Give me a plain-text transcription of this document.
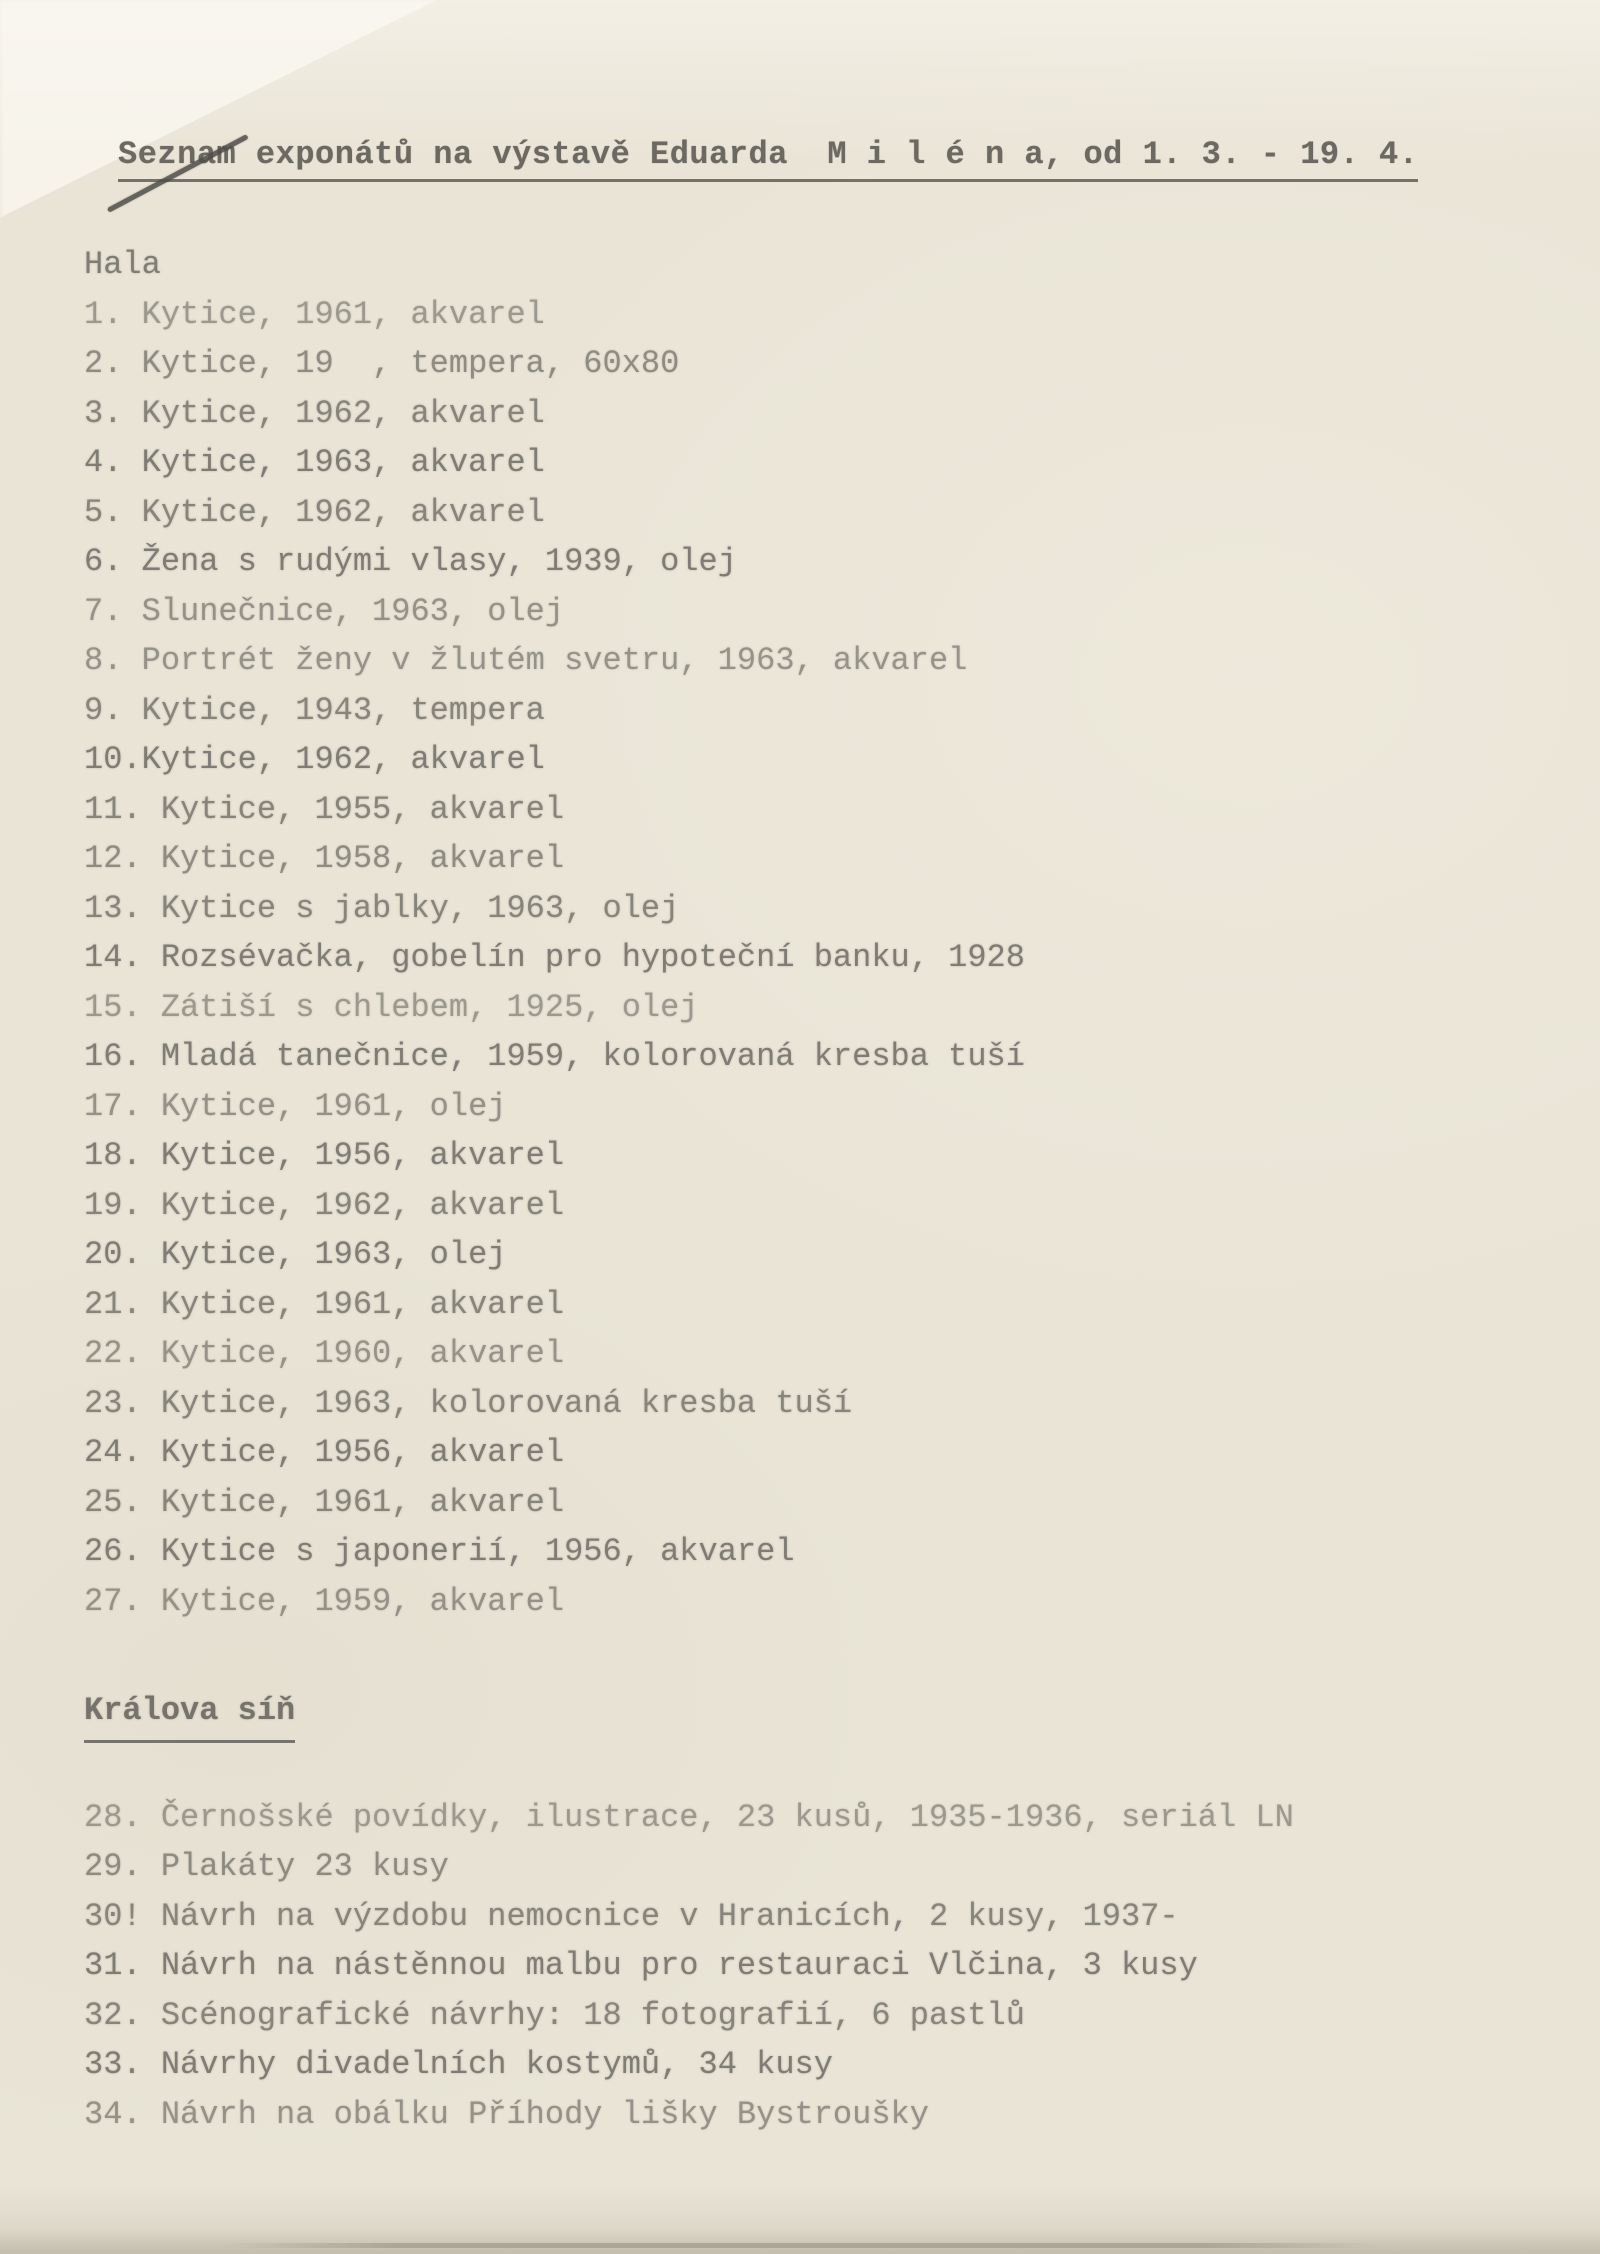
Seznam exponátů na výstavě Eduarda  M i l é n a, od 1. 3. - 19. 4.
Hala
1. Kytice, 1961, akvarel
2. Kytice, 19  , tempera, 60x80
3. Kytice, 1962, akvarel
4. Kytice, 1963, akvarel
5. Kytice, 1962, akvarel
6. Žena s rudými vlasy, 1939, olej
7. Slunečnice, 1963, olej
8. Portrét ženy v žlutém svetru, 1963, akvarel
9. Kytice, 1943, tempera
10.Kytice, 1962, akvarel
11. Kytice, 1955, akvarel
12. Kytice, 1958, akvarel
13. Kytice s jablky, 1963, olej
14. Rozsévačka, gobelín pro hypoteční banku, 1928
15. Zátiší s chlebem, 1925, olej
16. Mladá tanečnice, 1959, kolorovaná kresba tuší
17. Kytice, 1961, olej
18. Kytice, 1956, akvarel
19. Kytice, 1962, akvarel
20. Kytice, 1963, olej
21. Kytice, 1961, akvarel
22. Kytice, 1960, akvarel
23. Kytice, 1963, kolorovaná kresba tuší
24. Kytice, 1956, akvarel
25. Kytice, 1961, akvarel
26. Kytice s japonerií, 1956, akvarel
27. Kytice, 1959, akvarel
Králova síň
28. Černošské povídky, ilustrace, 23 kusů, 1935-1936, seriál LN
29. Plakáty 23 kusy
30! Návrh na výzdobu nemocnice v Hranicích, 2 kusy, 1937-
31. Návrh na nástěnnou malbu pro restauraci Vlčina, 3 kusy
32. Scénografické návrhy: 18 fotografií, 6 pastlů
33. Návrhy divadelních kostymů, 34 kusy
34. Návrh na obálku Příhody lišky Bystroušky
